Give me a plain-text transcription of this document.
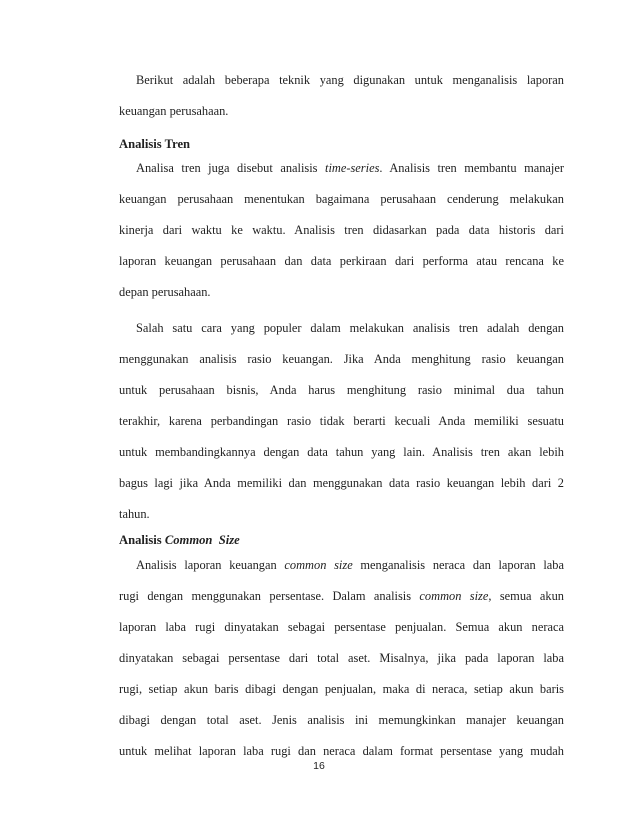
Berikut adalah beberapa teknik yang digunakan untuk menganalisis laporan
keuangan perusahaan.
Analisis Tren
Analisa tren juga disebut analisis time-series. Analisis tren membantu manajer
keuangan perusahaan menentukan bagaimana perusahaan cenderung melakukan
kinerja dari waktu ke waktu. Analisis tren didasarkan pada data historis dari
laporan keuangan perusahaan dan data perkiraan dari performa atau rencana ke
depan perusahaan.
Salah satu cara yang populer dalam melakukan analisis tren adalah dengan
menggunakan analisis rasio keuangan. Jika Anda menghitung rasio keuangan
untuk perusahaan bisnis, Anda harus menghitung rasio minimal dua tahun
terakhir, karena perbandingan rasio tidak berarti kecuali Anda memiliki sesuatu
untuk membandingkannya dengan data tahun yang lain. Analisis tren akan lebih
bagus lagi jika Anda memiliki dan menggunakan data rasio keuangan lebih dari 2
tahun.
Analisis Common  Size
Analisis laporan keuangan common size menganalisis neraca dan laporan laba
rugi dengan menggunakan persentase. Dalam analisis common size, semua akun
laporan laba rugi dinyatakan sebagai persentase penjualan. Semua akun neraca
dinyatakan sebagai persentase dari total aset. Misalnya, jika pada laporan laba
rugi, setiap akun baris dibagi dengan penjualan, maka di neraca, setiap akun baris
dibagi dengan total aset. Jenis analisis ini memungkinkan manajer keuangan
untuk melihat laporan laba rugi dan neraca dalam format persentase yang mudah
16
